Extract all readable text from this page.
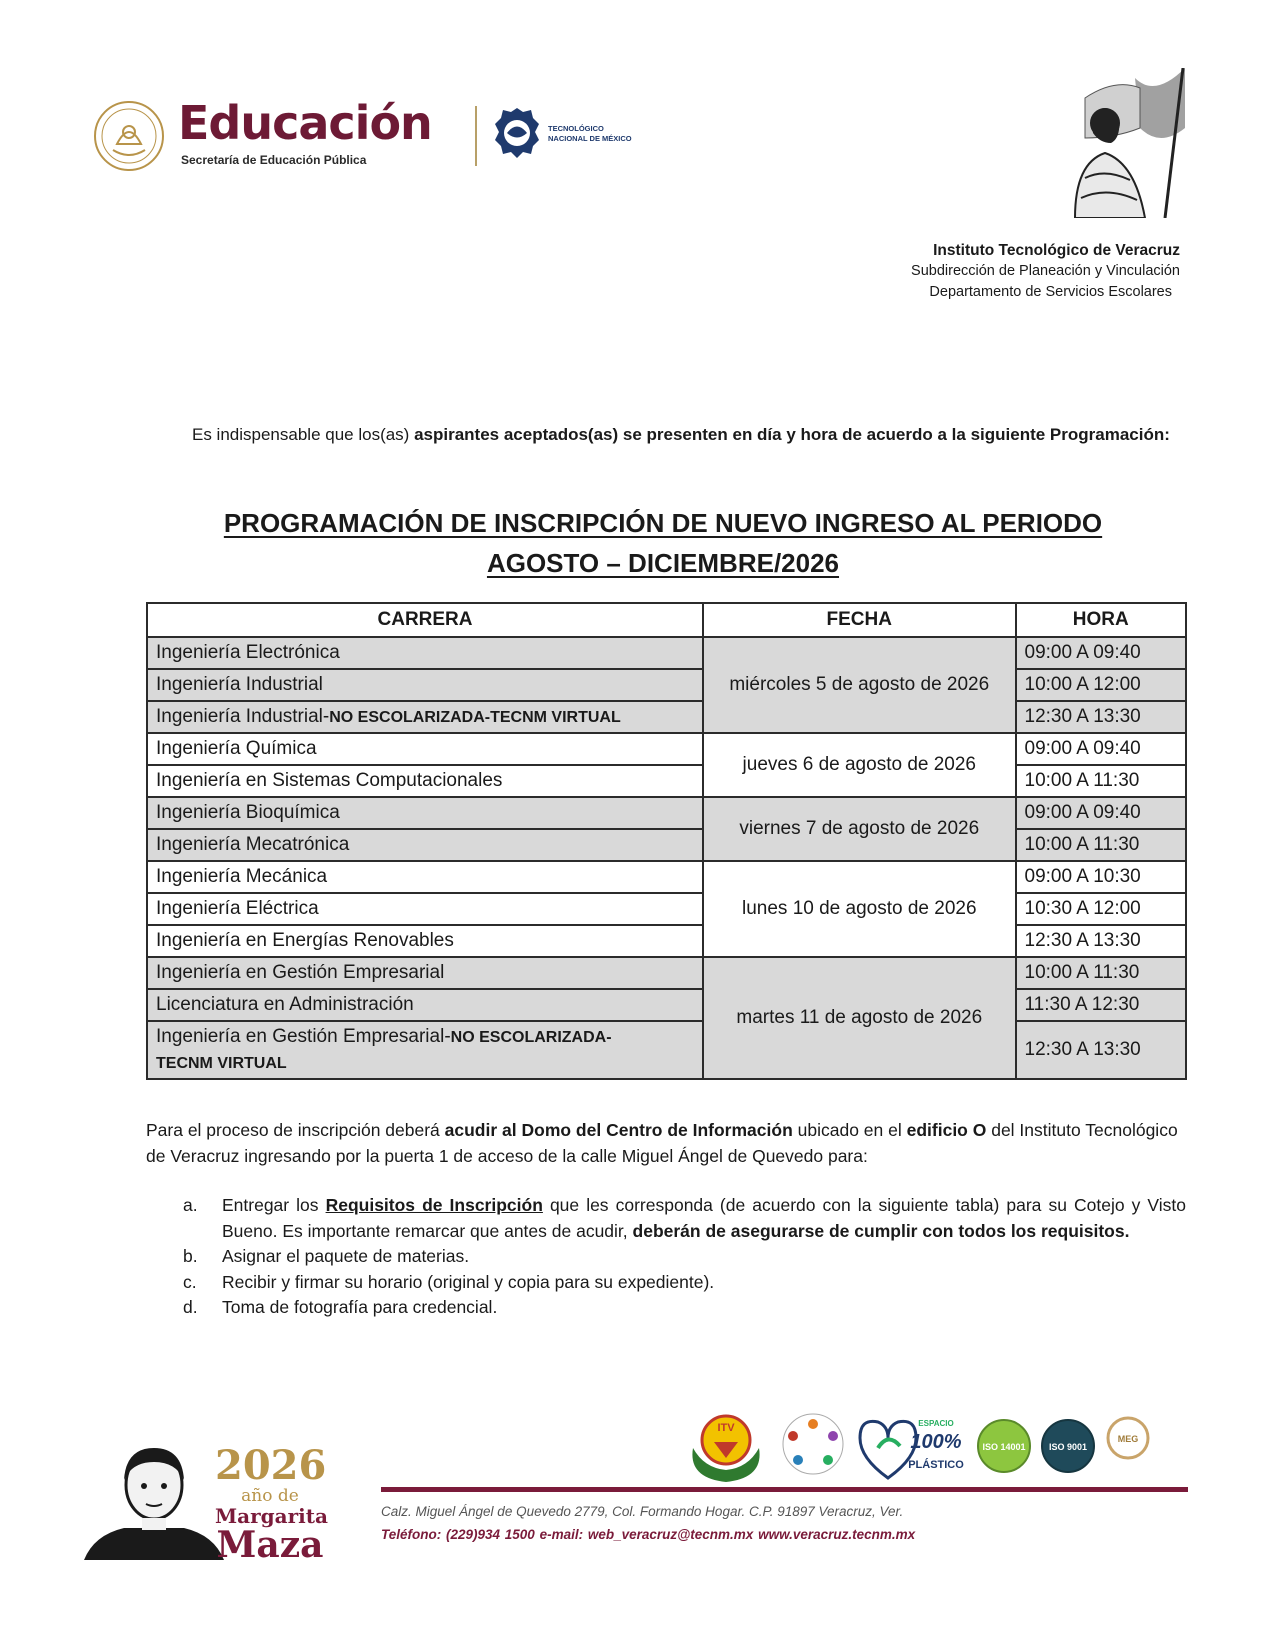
Educación
Secretaría de Educación Pública
TECNOLÓGICO
NACIONAL DE MÉXICO
Instituto Tecnológico de Veracruz
Subdirección de Planeación y Vinculación
Departamento de Servicios Escolares
Es indispensable que los(as) aspirantes aceptados(as) se presenten en día y hora de acuerdo a la siguiente Programación:
PROGRAMACIÓN DE INSCRIPCIÓN DE NUEVO INGRESO AL PERIODO
AGOSTO – DICIEMBRE/2026
CARRERA	FECHA	HORA
Ingeniería Electrónica	miércoles 5 de agosto de 2026	09:00 A 09:40
Ingeniería Industrial		10:00 A 12:00
Ingeniería Industrial-NO ESCOLARIZADA-TECNM VIRTUAL		12:30 A 13:30
Ingeniería Química	jueves 6 de agosto de 2026	09:00 A 09:40
Ingeniería en Sistemas Computacionales		10:00 A 11:30
Ingeniería Bioquímica	viernes 7 de agosto de 2026	09:00 A 09:40
Ingeniería Mecatrónica		10:00 A 11:30
Ingeniería Mecánica	lunes 10 de agosto de 2026	09:00 A 10:30
Ingeniería Eléctrica		10:30 A 12:00
Ingeniería en Energías Renovables		12:30 A 13:30
Ingeniería en Gestión Empresarial	martes 11 de agosto de 2026	10:00 A 11:30
Licenciatura en Administración		11:30 A 12:30
Ingeniería en Gestión Empresarial-NO ESCOLARIZADA-
TECNM VIRTUAL		12:30 A 13:30
Para el proceso de inscripción deberá acudir al Domo del Centro de Información ubicado en el edificio O del Instituto Tecnológico de Veracruz ingresando por la puerta 1 de acceso de la calle Miguel Ángel de Quevedo para:
a. Entregar los Requisitos de Inscripción que les corresponda (de acuerdo con la siguiente tabla) para su Cotejo y Visto Bueno. Es importante remarcar que antes de acudir, deberán de asegurarse de cumplir con todos los requisitos.
b. Asignar el paquete de materias.
c. Recibir y firmar su horario (original y copia para su expediente).
d. Toma de fotografía para credencial.
2026
año de
Margarita
Maza
ITV	ESPACIO
100%
PLÁSTICO
ISO 14001	ISO 9001
MEG
Calz. Miguel Ángel de Quevedo 2779, Col. Formando Hogar. C.P. 91897 Veracruz, Ver.
Teléfono: (229)934 1500 e-mail: web_veracruz@tecnm.mx www.veracruz.tecnm.mx
